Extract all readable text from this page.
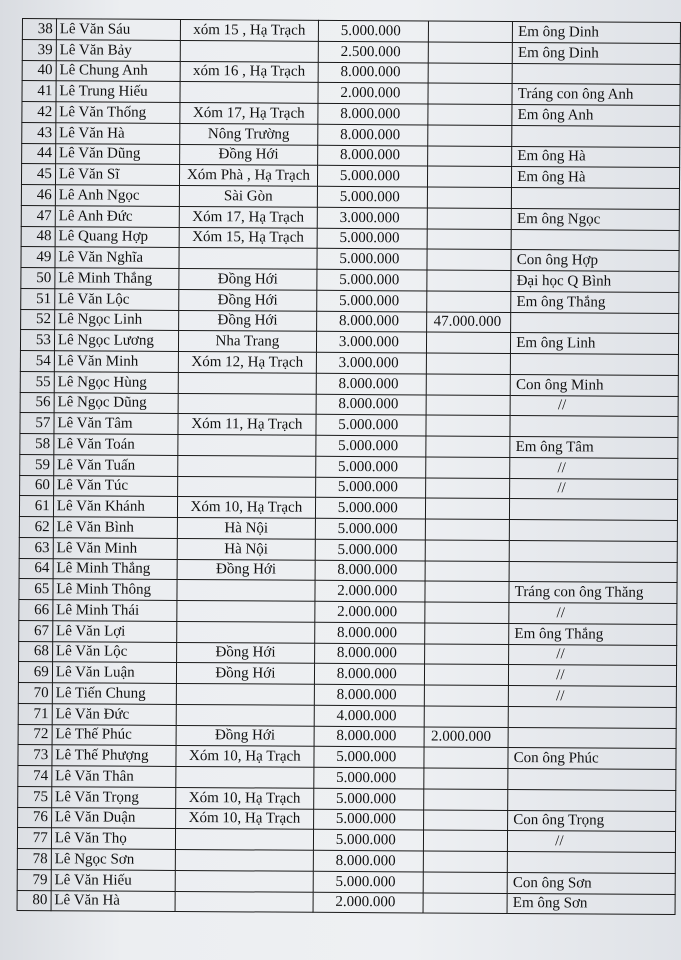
38	Lê Văn Sáu	xóm 15 , Hạ Trạch	5.000.000		Em ông Dinh
39	Lê Văn Bảy		2.500.000		Em ông Dinh
40	Lê Chung Anh	xóm 16 , Hạ Trạch	8.000.000		
41	Lê Trung Hiếu		2.000.000		Tráng con ông Anh
42	Lê Văn Thống	Xóm 17, Hạ Trạch	8.000.000		Em ông Anh
43	Lê Văn Hà	Nông Trường	8.000.000		
44	Lê Văn Dũng	Đồng Hới	8.000.000		Em ông Hà
45	Lê Văn Sĩ	Xóm Phà , Hạ Trạch	5.000.000		Em ông Hà
46	Lê Anh Ngọc	Sài Gòn	5.000.000		
47	Lê Anh Đức	Xóm 17, Hạ Trạch	3.000.000		Em ông Ngọc
48	Lê Quang Hợp	Xóm 15, Hạ Trạch	5.000.000		
49	Lê Văn Nghĩa		5.000.000		Con ông Hợp
50	Lê Minh Thắng	Đồng Hới	5.000.000		Đại học Q Bình
51	Lê Văn Lộc	Đồng Hới	5.000.000		Em ông Thắng
52	Lê Ngọc Linh	Đồng Hới	8.000.000	47.000.000	
53	Lê Ngọc Lương	Nha Trang	3.000.000		Em ông Linh
54	Lê Văn Minh	Xóm 12, Hạ Trạch	3.000.000		
55	Lê Ngọc Hùng		8.000.000		Con ông Minh
56	Lê Ngọc Dũng		8.000.000		//
57	Lê Văn Tâm	Xóm 11, Hạ Trạch	5.000.000		
58	Lê Văn Toán		5.000.000		Em ông Tâm
59	Lê Văn Tuấn		5.000.000		//
60	Lê Văn Túc		5.000.000		//
61	Lê Văn Khánh	Xóm 10, Hạ Trạch	5.000.000		
62	Lê Văn Bình	Hà Nội	5.000.000		
63	Lê Văn Minh	Hà Nội	5.000.000		
64	Lê Minh Thắng	Đồng Hới	8.000.000		
65	Lê Minh Thông		2.000.000		Tráng con ông Thăng
66	Lê Minh Thái		2.000.000		//
67	Lê Văn Lợi		8.000.000		Em ông Thắng
68	Lê Văn Lộc	Đồng Hới	8.000.000		//
69	Lê Văn Luận	Đồng Hới	8.000.000		//
70	Lê Tiến Chung		8.000.000		//
71	Lê Văn Đức		4.000.000		
72	Lê Thế Phúc	Đồng Hới	8.000.000	2.000.000	
73	Lê Thế Phượng	Xóm 10, Hạ Trạch	5.000.000		Con ông Phúc
74	Lê Văn Thân		5.000.000		
75	Lê Văn Trọng	Xóm 10, Hạ Trạch	5.000.000		
76	Lê Văn Duận	Xóm 10, Hạ Trạch	5.000.000		Con ông Trọng
77	Lê Văn Thọ		5.000.000		//
78	Lê Ngọc Sơn		8.000.000		
79	Lê Văn Hiếu		5.000.000		Con ông Sơn
80	Lê Văn Hà		2.000.000		Em ông Sơn
